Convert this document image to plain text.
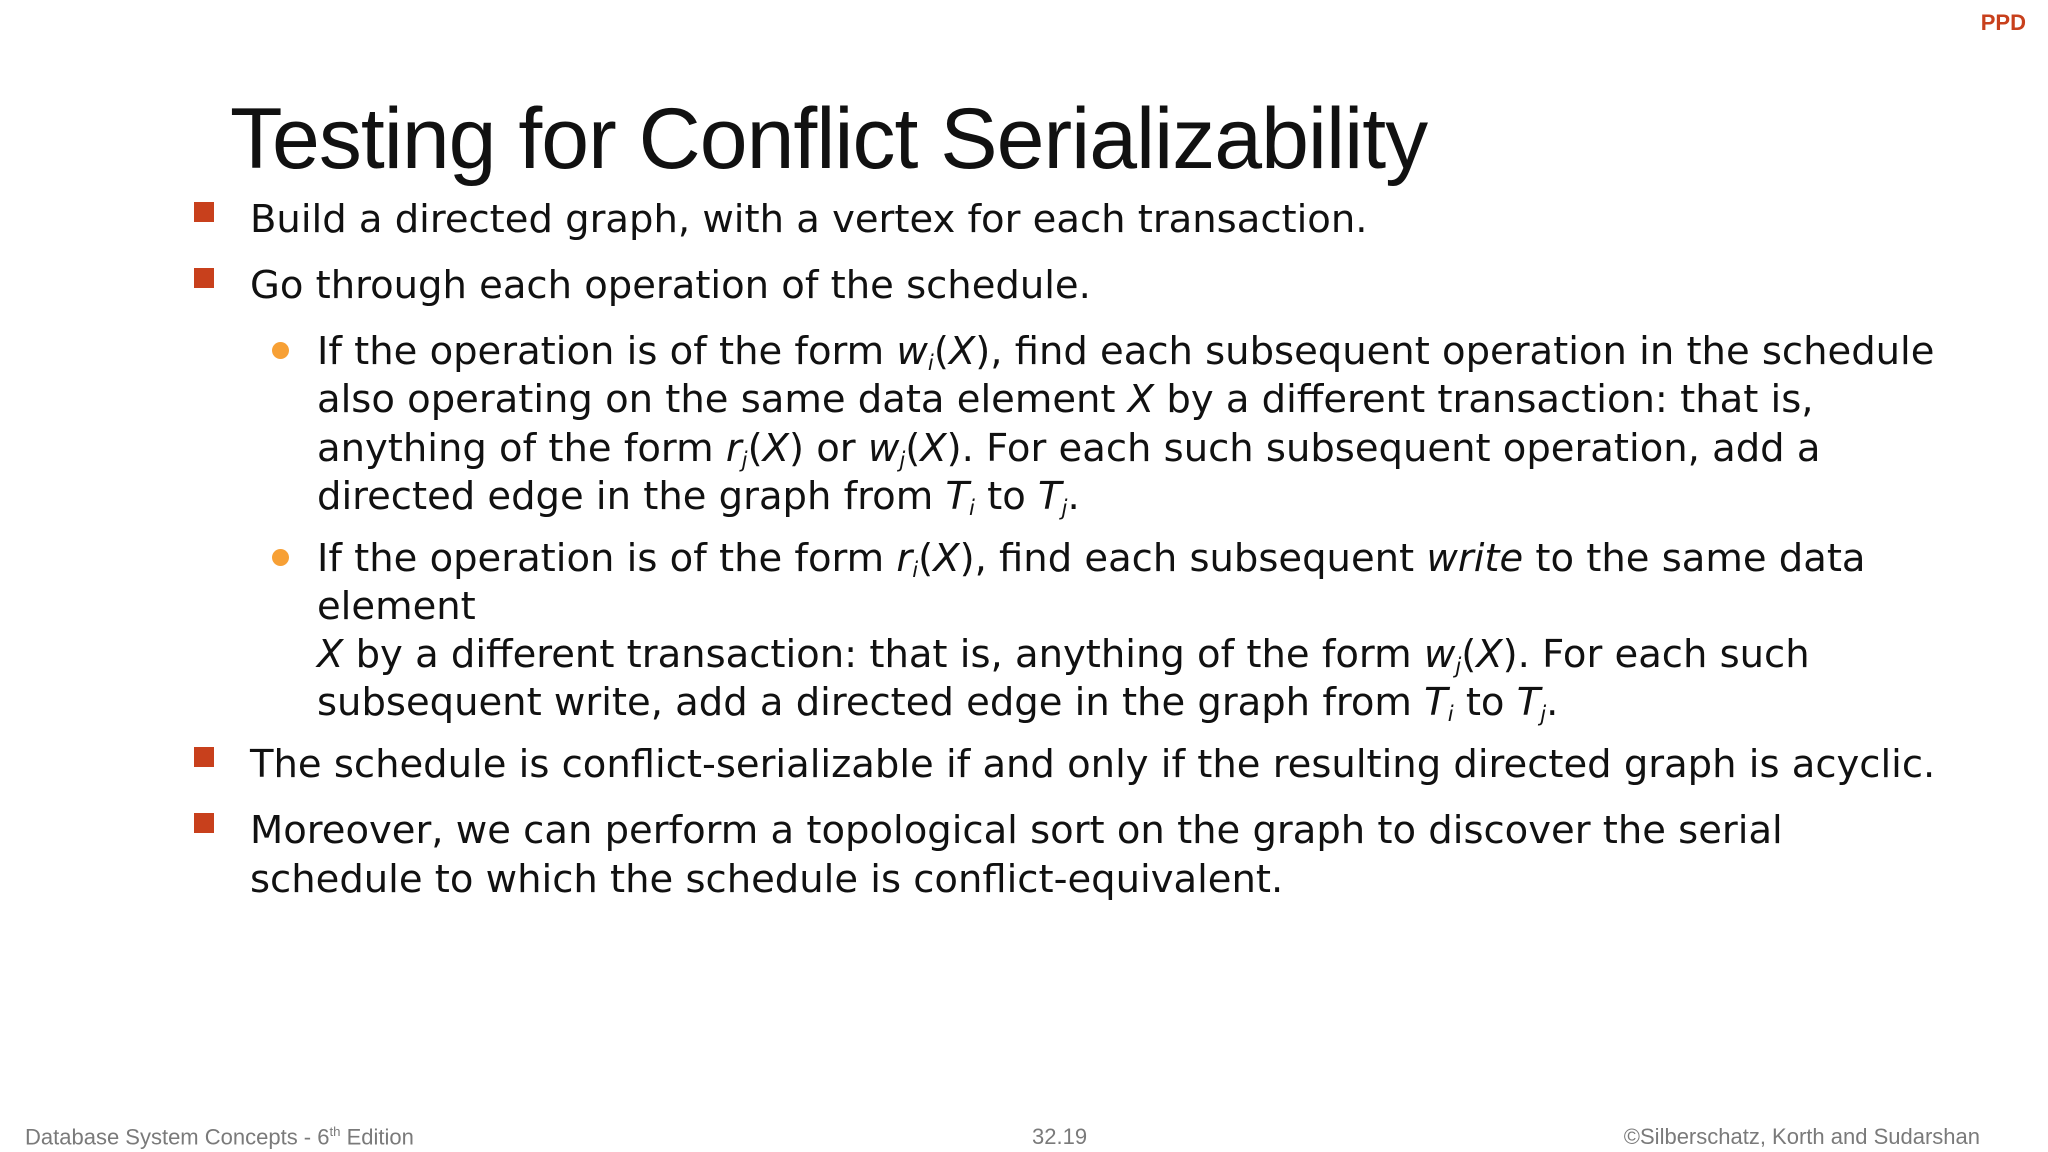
PPD
Testing for Conflict Serializability
Build a directed graph, with a vertex for each transaction.
Go through each operation of the schedule.
If the operation is of the form $w_i(X)$, find each subsequent operation in the schedule
also operating on the same data element X by a different transaction: that is,
anything of the form $r_j(X)$ or $w_j(X)$. For each such subsequent operation, add a
directed edge in the graph from $T_i$ to $T_j$.
If the operation is of the form $r_i(X)$, find each subsequent write to the same data element
X by a different transaction: that is, anything of the form $w_j(X)$. For each such
subsequent write, add a directed edge in the graph from $T_i$ to $T_j$.
The schedule is conflict-serializable if and only if the resulting directed graph is acyclic.
Moreover, we can perform a topological sort on the graph to discover the serial
schedule to which the schedule is conflict-equivalent.
Database System Concepts - 6th Edition	32.19	©Silberschatz, Korth and Sudarshan
